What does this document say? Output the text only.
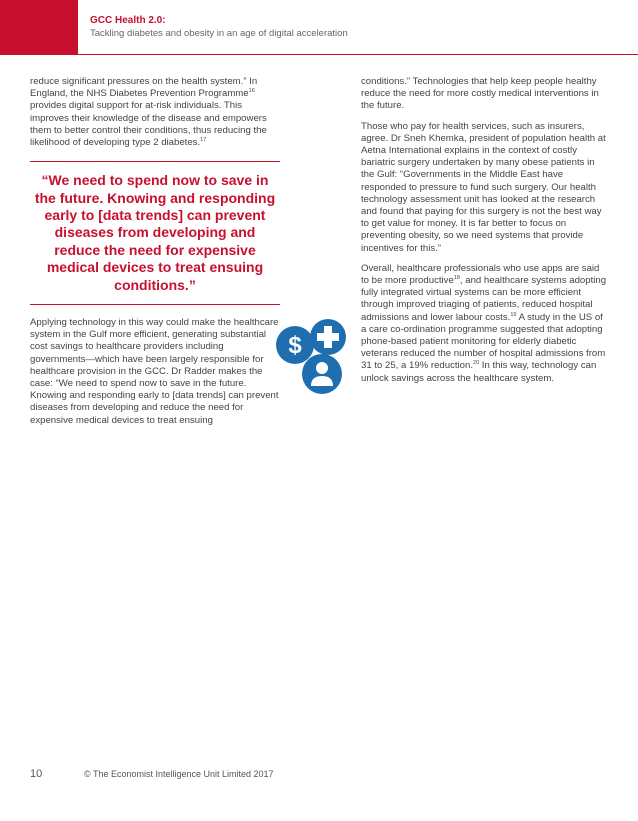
GCC Health 2.0:
Tackling diabetes and obesity in an age of digital acceleration

reduce significant pressures on the health system.” In England, the NHS Diabetes Prevention Programme$^{16}$ provides digital support for at-risk individuals. This improves their knowledge of the disease and empowers them to better control their conditions, thus reducing the likelihood of developing type 2 diabetes.$^{17}$

“We need to spend now to save in the future. Knowing and responding early to [data trends] can prevent diseases from developing and reduce the need for expensive medical devices to treat ensuing conditions.”

Applying technology in this way could make the healthcare system in the Gulf more efficient, generating substantial cost savings to healthcare providers including governments—which have been largely responsible for healthcare provision in the GCC. Dr Radder makes the case: “We need to spend now to save in the future. Knowing and responding early to [data trends] can prevent diseases from developing and reduce the need for expensive medical devices to treat ensuing

conditions.” Technologies that help keep people healthy reduce the need for more costly medical interventions in the future.

Those who pay for health services, such as insurers, agree. Dr Sneh Khemka, president of population health at Aetna International explains in the context of costly bariatric surgery undertaken by many obese patients in the Gulf: “Governments in the Middle East have responded to pressure to fund such surgery. Our health technology assessment unit has looked at the research and found that paying for this surgery is not the best way to get value for money. It is far better to focus on preventing obesity, so we need systems that provide incentives for this.”

Overall, healthcare professionals who use apps are said to be more productive$^{18}$, and healthcare systems adopting fully integrated virtual systems can be more efficient through improved triaging of patients, reduced hospital admissions and lower labour costs.$^{19}$ A study in the US of a care co-ordination programme suggested that adopting phone-based patient monitoring for elderly diabetic veterans reduced the number of hospital admissions from 31 to 25, a 19% reduction.$^{20}$ In this way, technology can unlock savings across the healthcare system.

$
10	© The Economist Intelligence Unit Limited 2017
